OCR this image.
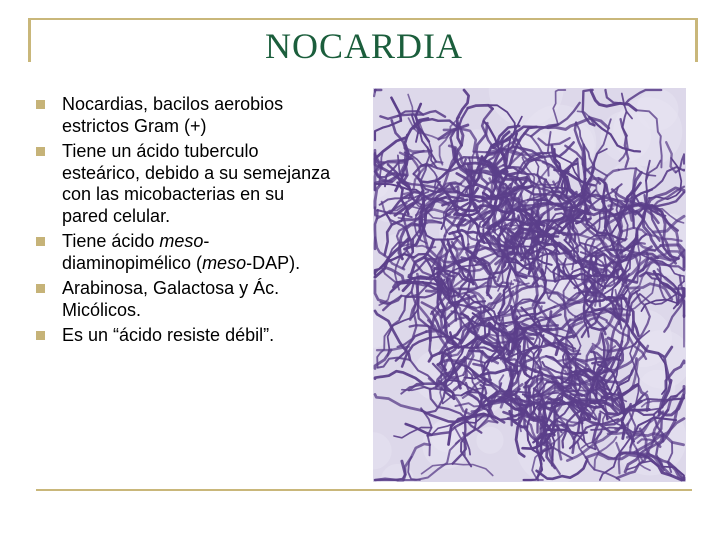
NOCARDIA
Nocardias, bacilos aerobios estrictos Gram (+)
Tiene un ácido tuberculo esteárico, debido a su semejanza con las micobacterias en su pared celular.
Tiene ácido meso-diaminopimélico (meso-DAP).
Arabinosa, Galactosa y Ác. Micólicos.
Es un “ácido resiste débil”.
